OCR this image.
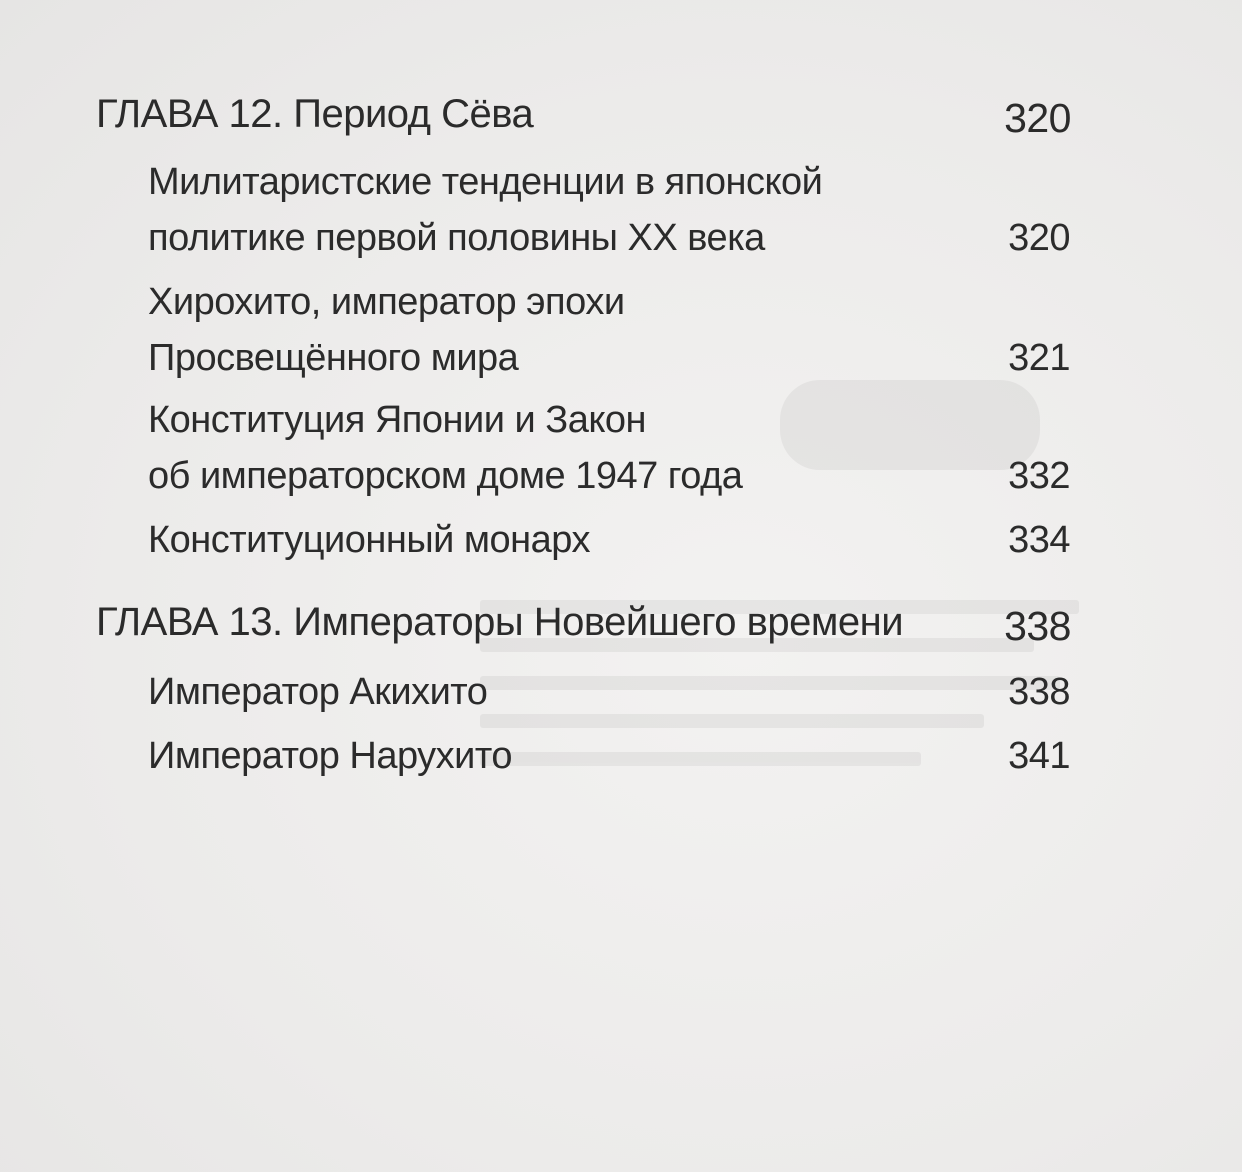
ГЛАВА 12. Период Сёва	320
Милитаристские тенденции в японской
политике первой половины XX века	320
Хирохито, император эпохи
Просвещённого мира	321
Конституция Японии и Закон
об императорском доме 1947 года	332
Конституционный монарх	334
ГЛАВА 13. Императоры Новейшего времени	338
Император Акихито	338
Император Нарухито	341
